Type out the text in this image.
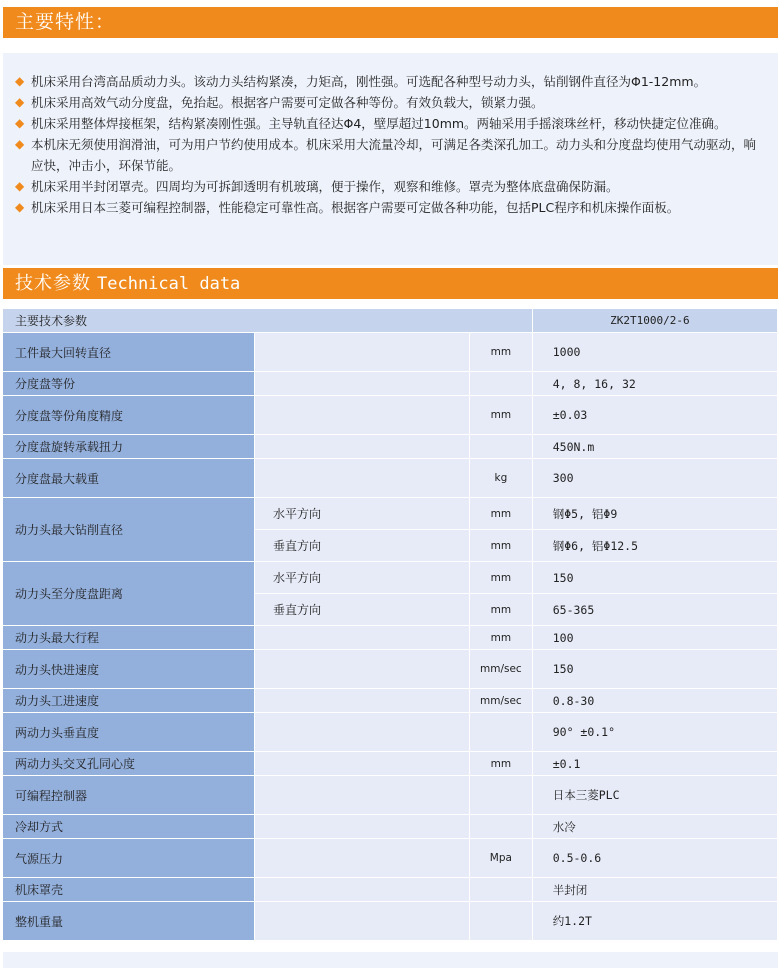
主要特性：
◆ 机床采用台湾高品质动力头。该动力头结构紧凑，力矩高，刚性强。可选配各种型号动力头，钻削钢件直径为Φ1-12mm。
◆ 机床采用高效气动分度盘，免抬起。根据客户需要可定做各种等份。有效负载大，锁紧力强。
◆ 机床采用整体焊接框架，结构紧凑刚性强。主导轨直径达Φ4，壁厚超过10mm。两轴采用手摇滚珠丝杆，移动快捷定位准确。
◆ 本机床无须使用润滑油，可为用户节约使用成本。机床采用大流量冷却，可满足各类深孔加工。动力头和分度盘均使用气动驱动，响应快，冲击小，环保节能。
◆ 机床采用半封闭罩壳。四周均为可拆卸透明有机玻璃，便于操作，观察和维修。罩壳为整体底盘确保防漏。
◆ 机床采用日本三菱可编程控制器，性能稳定可靠性高。根据客户需要可定做各种功能，包括PLC程序和机床操作面板。
技术参数 Technical data
主要技术参数			ZK2T1000/2-6
工件最大回转直径		mm	1000
分度盘等份			4, 8, 16, 32
分度盘等份角度精度		mm	±0.03
分度盘旋转承载扭力			450N.m
分度盘最大载重		kg	300
动力头最大钻削直径	水平方向	mm	钢Φ5, 铝Φ9
	垂直方向	mm	钢Φ6, 铝Φ12.5
动力头至分度盘距离	水平方向	mm	150
	垂直方向	mm	65-365
动力头最大行程		mm	100
动力头快进速度		mm/sec	150
动力头工进速度		mm/sec	0.8-30
两动力头垂直度			90° ±0.1°
两动力头交叉孔同心度		mm	±0.1
可编程控制器			日本三菱PLC
冷却方式			水冷
气源压力		Mpa	0.5-0.6
机床罩壳			半封闭
整机重量			约1.2T
